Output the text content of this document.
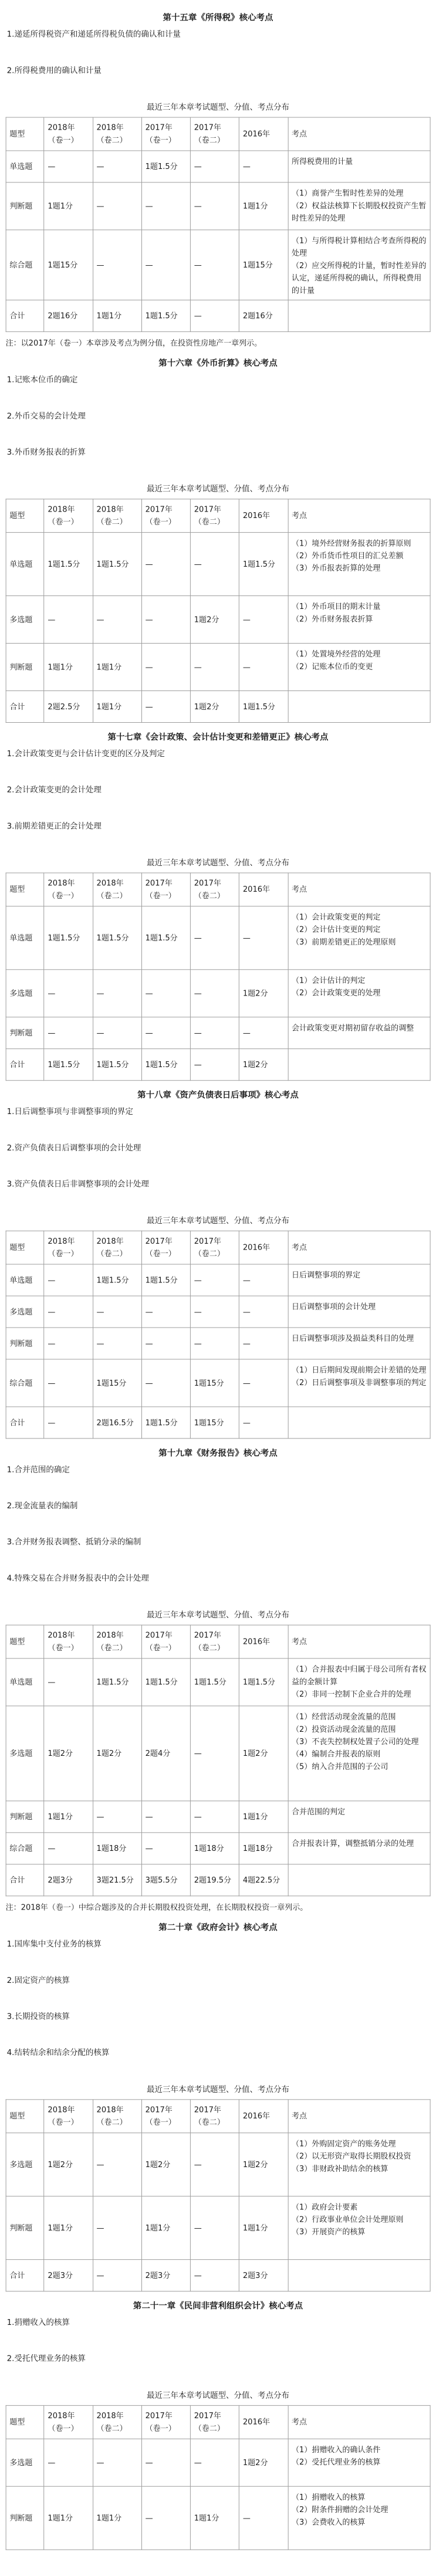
第十五章《所得税》核心考点
1.递延所得税资产和递延所得税负债的确认和计量
2.所得税费用的确认和计量
最近三年本章考试题型、分值、考点分布
题型	2018年（卷一）	2018年（卷二）	2017年（卷一）	2017年（卷二）	2016年	考点
单选题	—	—	1题1.5分	—	—	所得税费用的计量

判断题	1题1分	—	—	—	1题1分	（1）商誉产生暂时性差异的处理
（2）权益法核算下长期股权投资产生暂时性差异的处理

综合题	1题15分	—	—	—	1题15分	（1）与所得税计算相结合考查所得税的处理
（2）应交所得税的计量，暂时性差异的认定，递延所得税的确认，所得税费用的计量

合计	2题16分	1题1分	1题1.5分	—	2题16分	
注：以2017年（卷一）本章涉及考点为例分值，在投资性房地产一章列示。
第十六章《外币折算》核心考点
1.记账本位币的确定
2.外币交易的会计处理
3.外币财务报表的折算
最近三年本章考试题型、分值、考点分布
题型	2018年（卷一）	2018年（卷二）	2017年（卷一）	2017年（卷二）	2016年	考点
单选题	1题1.5分	1题1.5分	—	—	1题1.5分	（1）境外经营财务报表的折算原则
（2）外币货币性项目的汇兑差额
（3）外币报表折算的处理

多选题	—	—	—	1题2分	—	（1）外币项目的期末计量
（2）外币财务报表折算

判断题	1题1分	1题1分	—	—	—	（1）处置境外经营的处理
（2）记账本位币的变更

合计	2题2.5分	1题1分	—	1题2分	1题1.5分	
第十七章《会计政策、会计估计变更和差错更正》核心考点
1.会计政策变更与会计估计变更的区分及判定
2.会计政策变更的会计处理
3.前期差错更正的会计处理
最近三年本章考试题型、分值、考点分布
题型	2018年（卷一）	2018年（卷二）	2017年（卷一）	2017年（卷二）	2016年	考点
单选题	1题1.5分	1题1.5分	1题1.5分	—	—	（1）会计政策变更的判定
（2）会计估计变更的判定
（3）前期差错更正的处理原则

多选题	—	—	—	—	1题2分	（1）会计估计的判定
（2）会计政策变更的处理

判断题	—	—	—	—	—	会计政策变更对期初留存收益的调整

合计	1题1.5分	1题1.5分	1题1.5分	—	1题2分	
第十八章《资产负债表日后事项》核心考点
1.日后调整事项与非调整事项的界定
2.资产负债表日后调整事项的会计处理
3.资产负债表日后非调整事项的会计处理
最近三年本章考试题型、分值、考点分布
题型	2018年（卷一）	2018年（卷二）	2017年（卷一）	2017年（卷二）	2016年	考点
单选题	—	1题1.5分	1题1.5分	—	—	日后调整事项的界定

多选题	—	—	—	—	—	日后调整事项的会计处理

判断题	—	—	—	—	—	日后调整事项涉及损益类科目的处理

综合题	—	1题15分	—	1题15分	—	（1）日后期间发现前期会计差错的处理
（2）日后调整事项及非调整事项的判定

合计	—	2题16.5分	1题1.5分	1题15分	—	
第十九章《财务报告》核心考点
1.合并范围的确定
2.现金流量表的编制
3.合并财务报表调整、抵销分录的编制
4.特殊交易在合并财务报表中的会计处理
最近三年本章考试题型、分值、考点分布
题型	2018年（卷一）	2018年（卷二）	2017年（卷一）	2017年（卷二）	2016年	考点
单选题	—	1题1.5分	1题1.5分	1题1.5分	1题1.5分	（1）合并报表中归属于母公司所有者权益的金额计算
（2）非同一控制下企业合并的处理

多选题	1题2分	1题2分	2题4分	—	1题2分	（1）经营活动现金流量的范围
（2）投资活动现金流量的范围
（3）不丧失控制权处置子公司的处理
（4）编制合并报表的原则
（5）纳入合并范围的子公司

判断题	1题1分	—	—	—	1题1分	合并范围的判定

综合题	—	1题18分	—	1题18分	1题18分	合并报表计算，调整抵销分录的处理

合计	2题3分	3题21.5分	3题5.5分	2题19.5分	4题22.5分	
注：2018年（卷一）中综合题涉及的合并长期股权投资处理，在长期股权投资一章列示。
第二十章《政府会计》核心考点
1.国库集中支付业务的核算
2.固定资产的核算
3.长期投资的核算
4.结转结余和结余分配的核算
最近三年本章考试题型、分值、考点分布
题型	2018年（卷一）	2018年（卷二）	2017年（卷一）	2017年（卷二）	2016年	考点
多选题	1题2分	—	1题2分	—	1题2分	（1）外购固定资产的账务处理
（2）以无形资产取得长期股权投资
（3）非财政补助结余的核算

判断题	1题1分	—	1题1分	—	1题1分	（1）政府会计要素
（2）行政事业单位会计处理原则
（3）开展资产的核算

合计	2题3分	—	2题3分	—	2题3分	
第二十一章《民间非营利组织会计》核心考点
1.捐赠收入的核算
2.受托代理业务的核算
最近三年本章考试题型、分值、考点分布
题型	2018年（卷一）	2018年（卷二）	2017年（卷一）	2017年（卷二）	2016年	考点
多选题	—	—	—	—	1题2分	（1）捐赠收入的确认条件
（2）受托代理业务的核算

判断题	1题1分	1题1分	—	1题1分	—	（1）捐赠收入的核算
（2）附条件捐赠的会计处理
（3）会费收入的核算
